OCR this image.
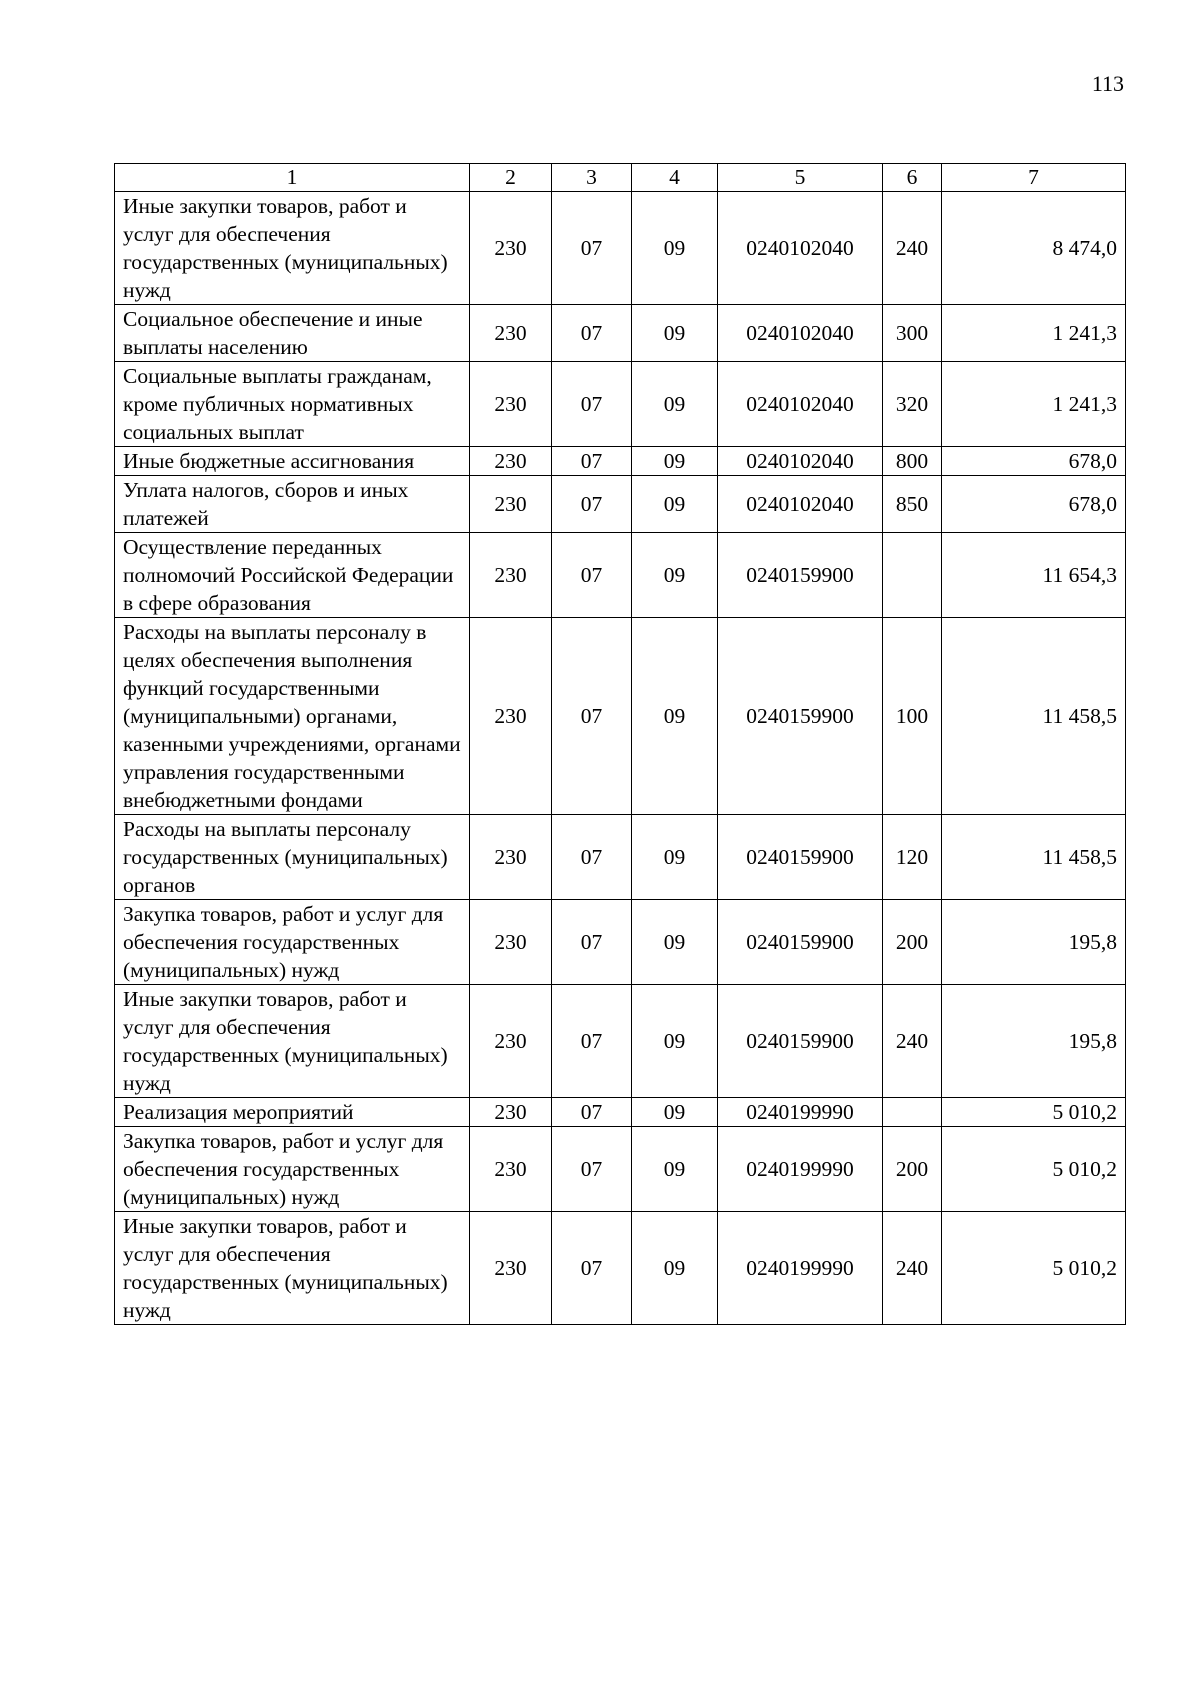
113
1	2	3	4	5	6	7
Иные закупки товаров, работ и услуг для обеспечения государственных (муниципальных) нужд	230	07	09	0240102040	240	8 474,0
Социальное обеспечение и иные выплаты населению	230	07	09	0240102040	300	1 241,3
Социальные выплаты гражданам, кроме публичных нормативных социальных выплат	230	07	09	0240102040	320	1 241,3
Иные бюджетные ассигнования	230	07	09	0240102040	800	678,0
Уплата налогов, сборов и иных платежей	230	07	09	0240102040	850	678,0
Осуществление переданных полномочий Российской Федерации в сфере образования	230	07	09	0240159900		11 654,3
Расходы на выплаты персоналу в целях обеспечения выполнения функций государственными (муниципальными) органами, казенными учреждениями, органами управления государственными внебюджетными фондами	230	07	09	0240159900	100	11 458,5
Расходы на выплаты персоналу государственных (муниципальных) органов	230	07	09	0240159900	120	11 458,5
Закупка товаров, работ и услуг для обеспечения государственных (муниципальных) нужд	230	07	09	0240159900	200	195,8
Иные закупки товаров, работ и услуг для обеспечения государственных (муниципальных) нужд	230	07	09	0240159900	240	195,8
Реализация мероприятий	230	07	09	0240199990		5 010,2
Закупка товаров, работ и услуг для обеспечения государственных (муниципальных) нужд	230	07	09	0240199990	200	5 010,2
Иные закупки товаров, работ и услуг для обеспечения государственных (муниципальных) нужд	230	07	09	0240199990	240	5 010,2
